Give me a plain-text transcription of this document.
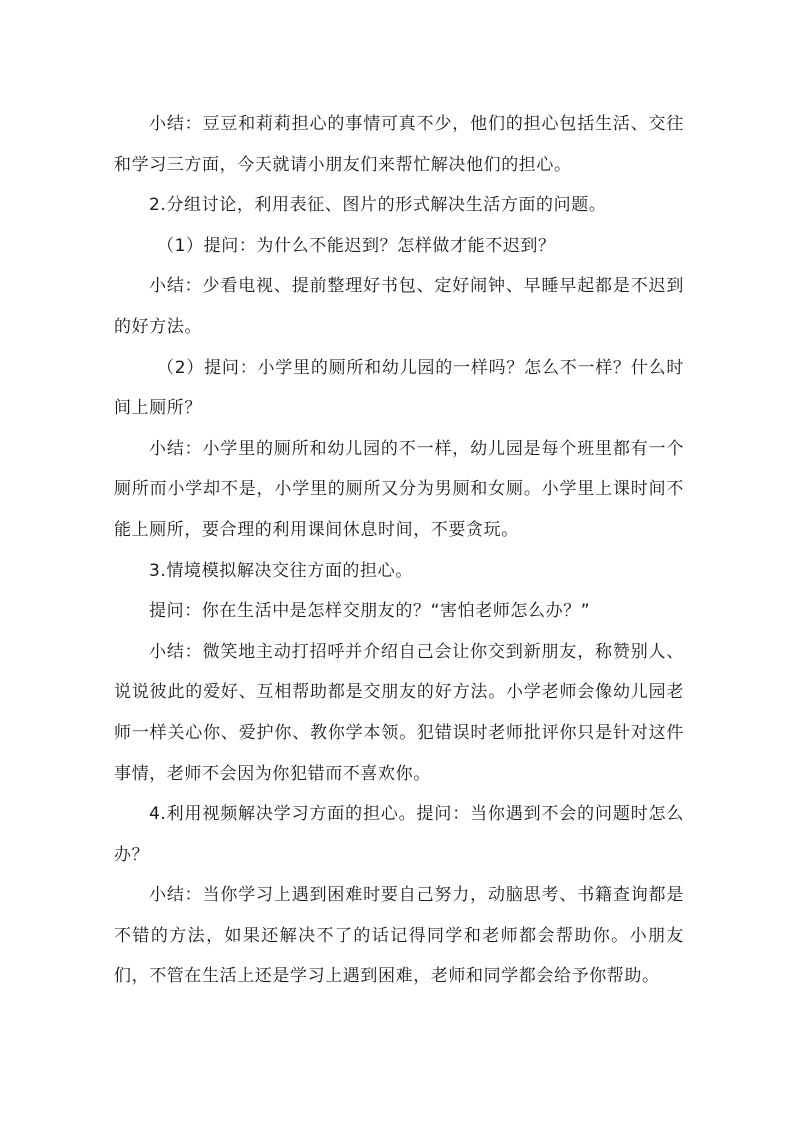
小结：豆豆和莉莉担心的事情可真不少，他们的担心包括生活、交往和学习三方面，今天就请小朋友们来帮忙解决他们的担心。

2.分组讨论，利用表征、图片的形式解决生活方面的问题。

（1）提问：为什么不能迟到？怎样做才能不迟到？

小结：少看电视、提前整理好书包、定好闹钟、早睡早起都是不迟到的好方法。

（2）提问：小学里的厕所和幼儿园的一样吗？怎么不一样？什么时间上厕所？

小结：小学里的厕所和幼儿园的不一样，幼儿园是每个班里都有一个厕所而小学却不是，小学里的厕所又分为男厕和女厕。小学里上课时间不能上厕所，要合理的利用课间休息时间，不要贪玩。

3.情境模拟解决交往方面的担心。

提问：你在生活中是怎样交朋友的？“害怕老师怎么办？”

小结：微笑地主动打招呼并介绍自己会让你交到新朋友，称赞别人、说说彼此的爱好、互相帮助都是交朋友的好方法。小学老师会像幼儿园老师一样关心你、爱护你、教你学本领。犯错误时老师批评你只是针对这件事情，老师不会因为你犯错而不喜欢你。

4.利用视频解决学习方面的担心。提问：当你遇到不会的问题时怎么办？

小结：当你学习上遇到困难时要自己努力，动脑思考、书籍查询都是不错的方法，如果还解决不了的话记得同学和老师都会帮助你。小朋友们，不管在生活上还是学习上遇到困难，老师和同学都会给予你帮助。
